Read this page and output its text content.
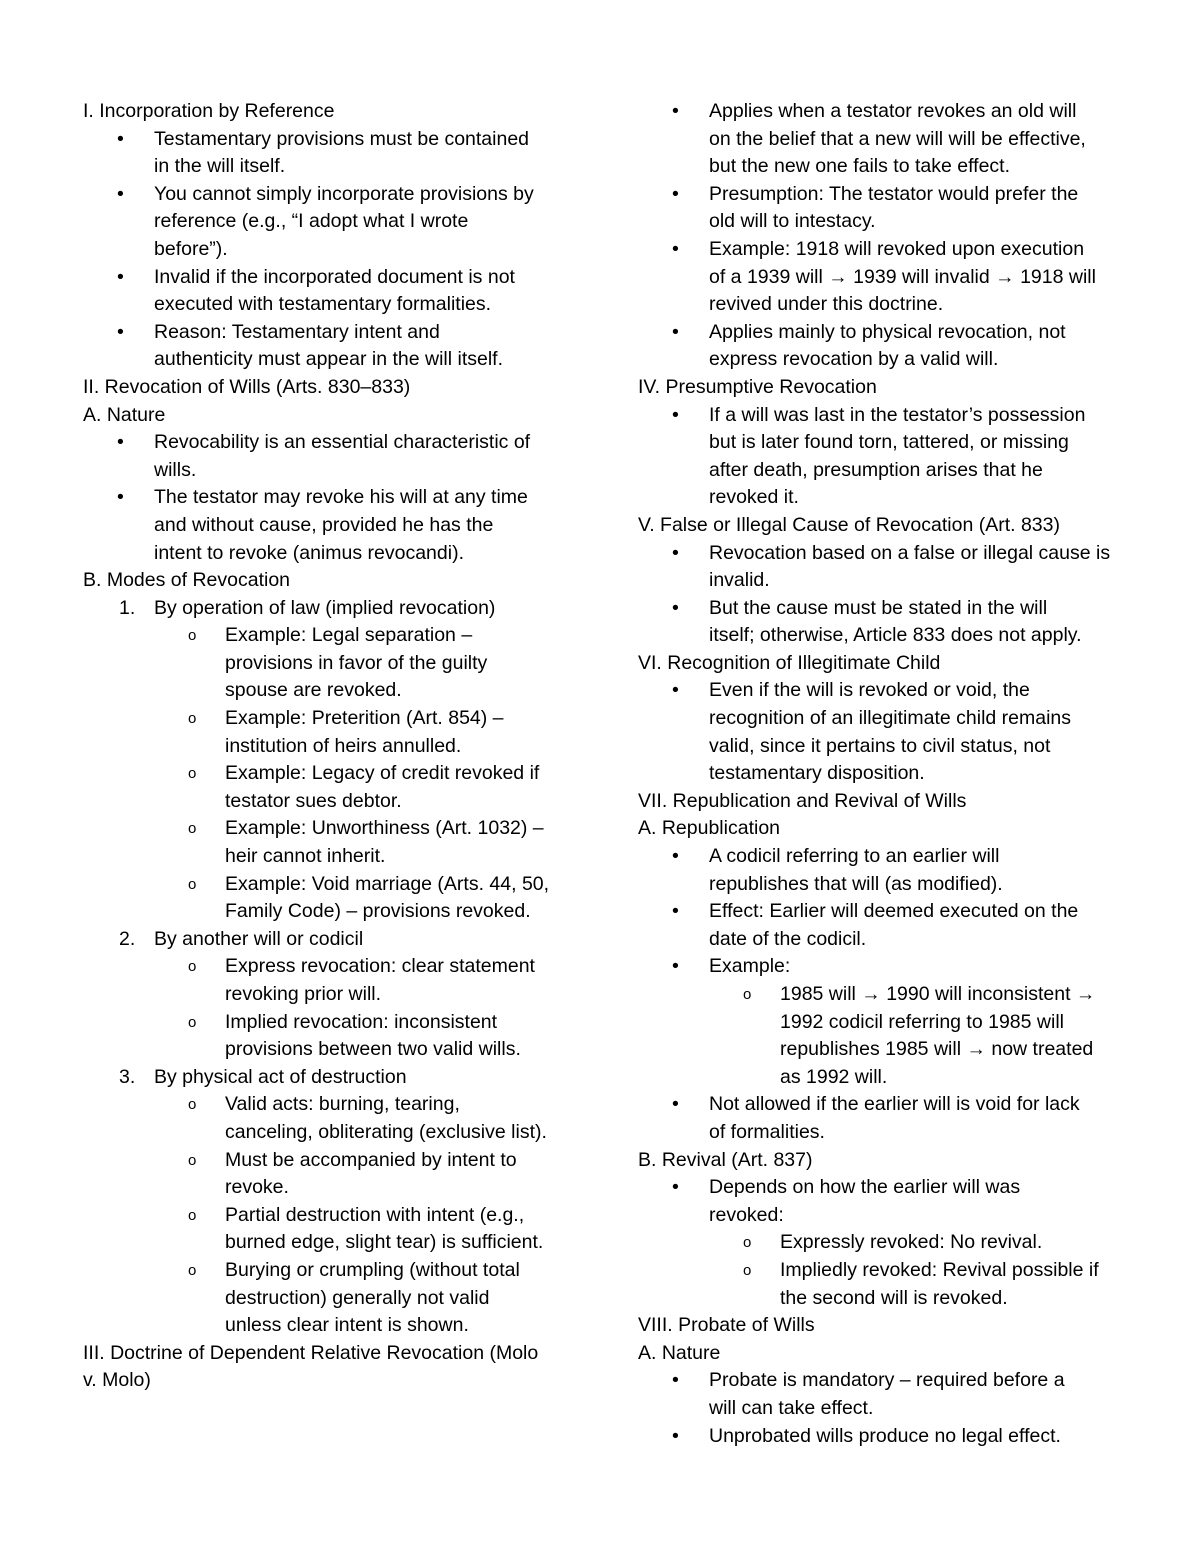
I. Incorporation by Reference
• Testamentary provisions must be contained
in the will itself.
• You cannot simply incorporate provisions by
reference (e.g., “I adopt what I wrote
before”).
• Invalid if the incorporated document is not
executed with testamentary formalities.
• Reason: Testamentary intent and
authenticity must appear in the will itself.
II. Revocation of Wills (Arts. 830–833)
A. Nature
• Revocability is an essential characteristic of
wills.
• The testator may revoke his will at any time
and without cause, provided he has the
intent to revoke (animus revocandi).
B. Modes of Revocation
1. By operation of law (implied revocation)
o Example: Legal separation –
provisions in favor of the guilty
spouse are revoked.
o Example: Preterition (Art. 854) –
institution of heirs annulled.
o Example: Legacy of credit revoked if
testator sues debtor.
o Example: Unworthiness (Art. 1032) –
heir cannot inherit.
o Example: Void marriage (Arts. 44, 50,
Family Code) – provisions revoked.
2. By another will or codicil
o Express revocation: clear statement
revoking prior will.
o Implied revocation: inconsistent
provisions between two valid wills.
3. By physical act of destruction
o Valid acts: burning, tearing,
canceling, obliterating (exclusive list).
o Must be accompanied by intent to
revoke.
o Partial destruction with intent (e.g.,
burned edge, slight tear) is sufficient.
o Burying or crumpling (without total
destruction) generally not valid
unless clear intent is shown.
III. Doctrine of Dependent Relative Revocation (Molo
v. Molo)
• Applies when a testator revokes an old will
on the belief that a new will will be effective,
but the new one fails to take effect.
• Presumption: The testator would prefer the
old will to intestacy.
• Example: 1918 will revoked upon execution
of a 1939 will → 1939 will invalid → 1918 will
revived under this doctrine.
• Applies mainly to physical revocation, not
express revocation by a valid will.
IV. Presumptive Revocation
• If a will was last in the testator’s possession
but is later found torn, tattered, or missing
after death, presumption arises that he
revoked it.
V. False or Illegal Cause of Revocation (Art. 833)
• Revocation based on a false or illegal cause is
invalid.
• But the cause must be stated in the will
itself; otherwise, Article 833 does not apply.
VI. Recognition of Illegitimate Child
• Even if the will is revoked or void, the
recognition of an illegitimate child remains
valid, since it pertains to civil status, not
testamentary disposition.
VII. Republication and Revival of Wills
A. Republication
• A codicil referring to an earlier will
republishes that will (as modified).
• Effect: Earlier will deemed executed on the
date of the codicil.
• Example:
o 1985 will → 1990 will inconsistent →
1992 codicil referring to 1985 will
republishes 1985 will → now treated
as 1992 will.
• Not allowed if the earlier will is void for lack
of formalities.
B. Revival (Art. 837)
• Depends on how the earlier will was
revoked:
o Expressly revoked: No revival.
o Impliedly revoked: Revival possible if
the second will is revoked.
VIII. Probate of Wills
A. Nature
• Probate is mandatory – required before a
will can take effect.
• Unprobated wills produce no legal effect.
